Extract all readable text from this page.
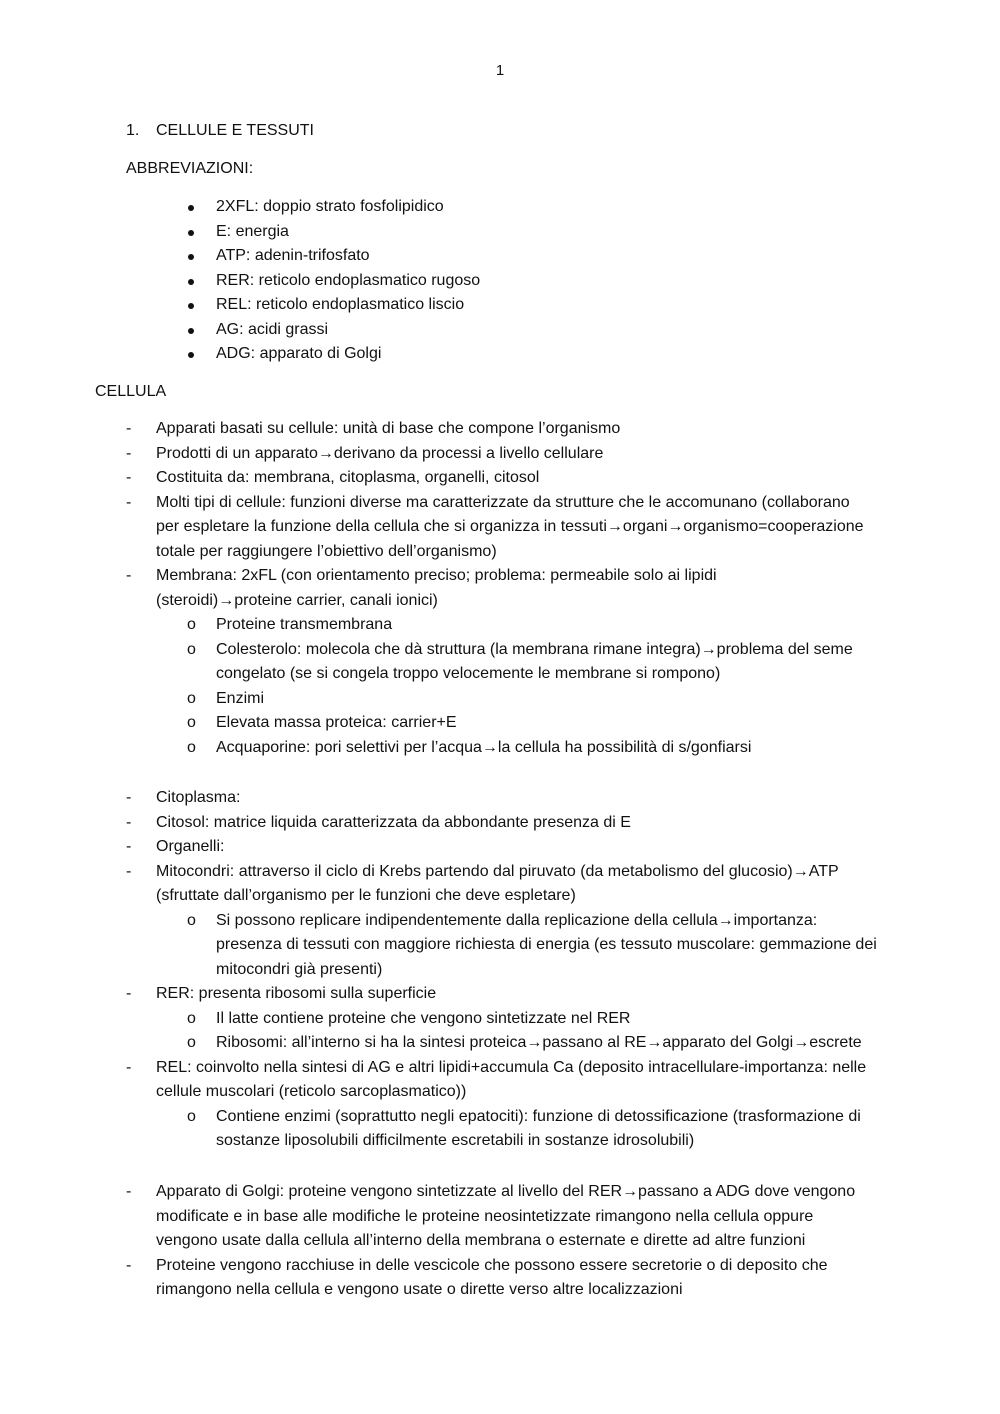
1
1. CELLULE E TESSUTI
ABBREVIAZIONI:
2XFL: doppio strato fosfolipidico
E: energia
ATP: adenin-trifosfato
RER: reticolo endoplasmatico rugoso
REL: reticolo endoplasmatico liscio
AG: acidi grassi
ADG: apparato di Golgi
CELLULA
- Apparati basati su cellule: unità di base che compone l’organismo
- Prodotti di un apparato→derivano da processi a livello cellulare
- Costituita da: membrana, citoplasma, organelli, citosol
- Molti tipi di cellule: funzioni diverse ma caratterizzate da strutture che le accomunano (collaborano
per espletare la funzione della cellula che si organizza in tessuti→organi→organismo=cooperazione
totale per raggiungere l’obiettivo dell’organismo)
- Membrana: 2xFL (con orientamento preciso; problema: permeabile solo ai lipidi
(steroidi)→proteine carrier, canali ionici)
o Proteine transmembrana
o Colesterolo: molecola che dà struttura (la membrana rimane integra)→problema del seme
congelato (se si congela troppo velocemente le membrane si rompono)
o Enzimi
o Elevata massa proteica: carrier+E
o Acquaporine: pori selettivi per l’acqua→la cellula ha possibilità di s/gonfiarsi
- Citoplasma:
- Citosol: matrice liquida caratterizzata da abbondante presenza di E
- Organelli:
- Mitocondri: attraverso il ciclo di Krebs partendo dal piruvato (da metabolismo del glucosio)→ATP
(sfruttate dall’organismo per le funzioni che deve espletare)
o Si possono replicare indipendentemente dalla replicazione della cellula→importanza:
presenza di tessuti con maggiore richiesta di energia (es tessuto muscolare: gemmazione dei
mitocondri già presenti)
- RER: presenta ribosomi sulla superficie
o Il latte contiene proteine che vengono sintetizzate nel RER
o Ribosomi: all’interno si ha la sintesi proteica→passano al RE→apparato del Golgi→escrete
- REL: coinvolto nella sintesi di AG e altri lipidi+accumula Ca (deposito intracellulare-importanza: nelle
cellule muscolari (reticolo sarcoplasmatico))
o Contiene enzimi (soprattutto negli epatociti): funzione di detossificazione (trasformazione di
sostanze liposolubili difficilmente escretabili in sostanze idrosolubili)
- Apparato di Golgi: proteine vengono sintetizzate al livello del RER→passano a ADG dove vengono
modificate e in base alle modifiche le proteine neosintetizzate rimangono nella cellula oppure
vengono usate dalla cellula all’interno della membrana o esternate e dirette ad altre funzioni
- Proteine vengono racchiuse in delle vescicole che possono essere secretorie o di deposito che
rimangono nella cellula e vengono usate o dirette verso altre localizzazioni
